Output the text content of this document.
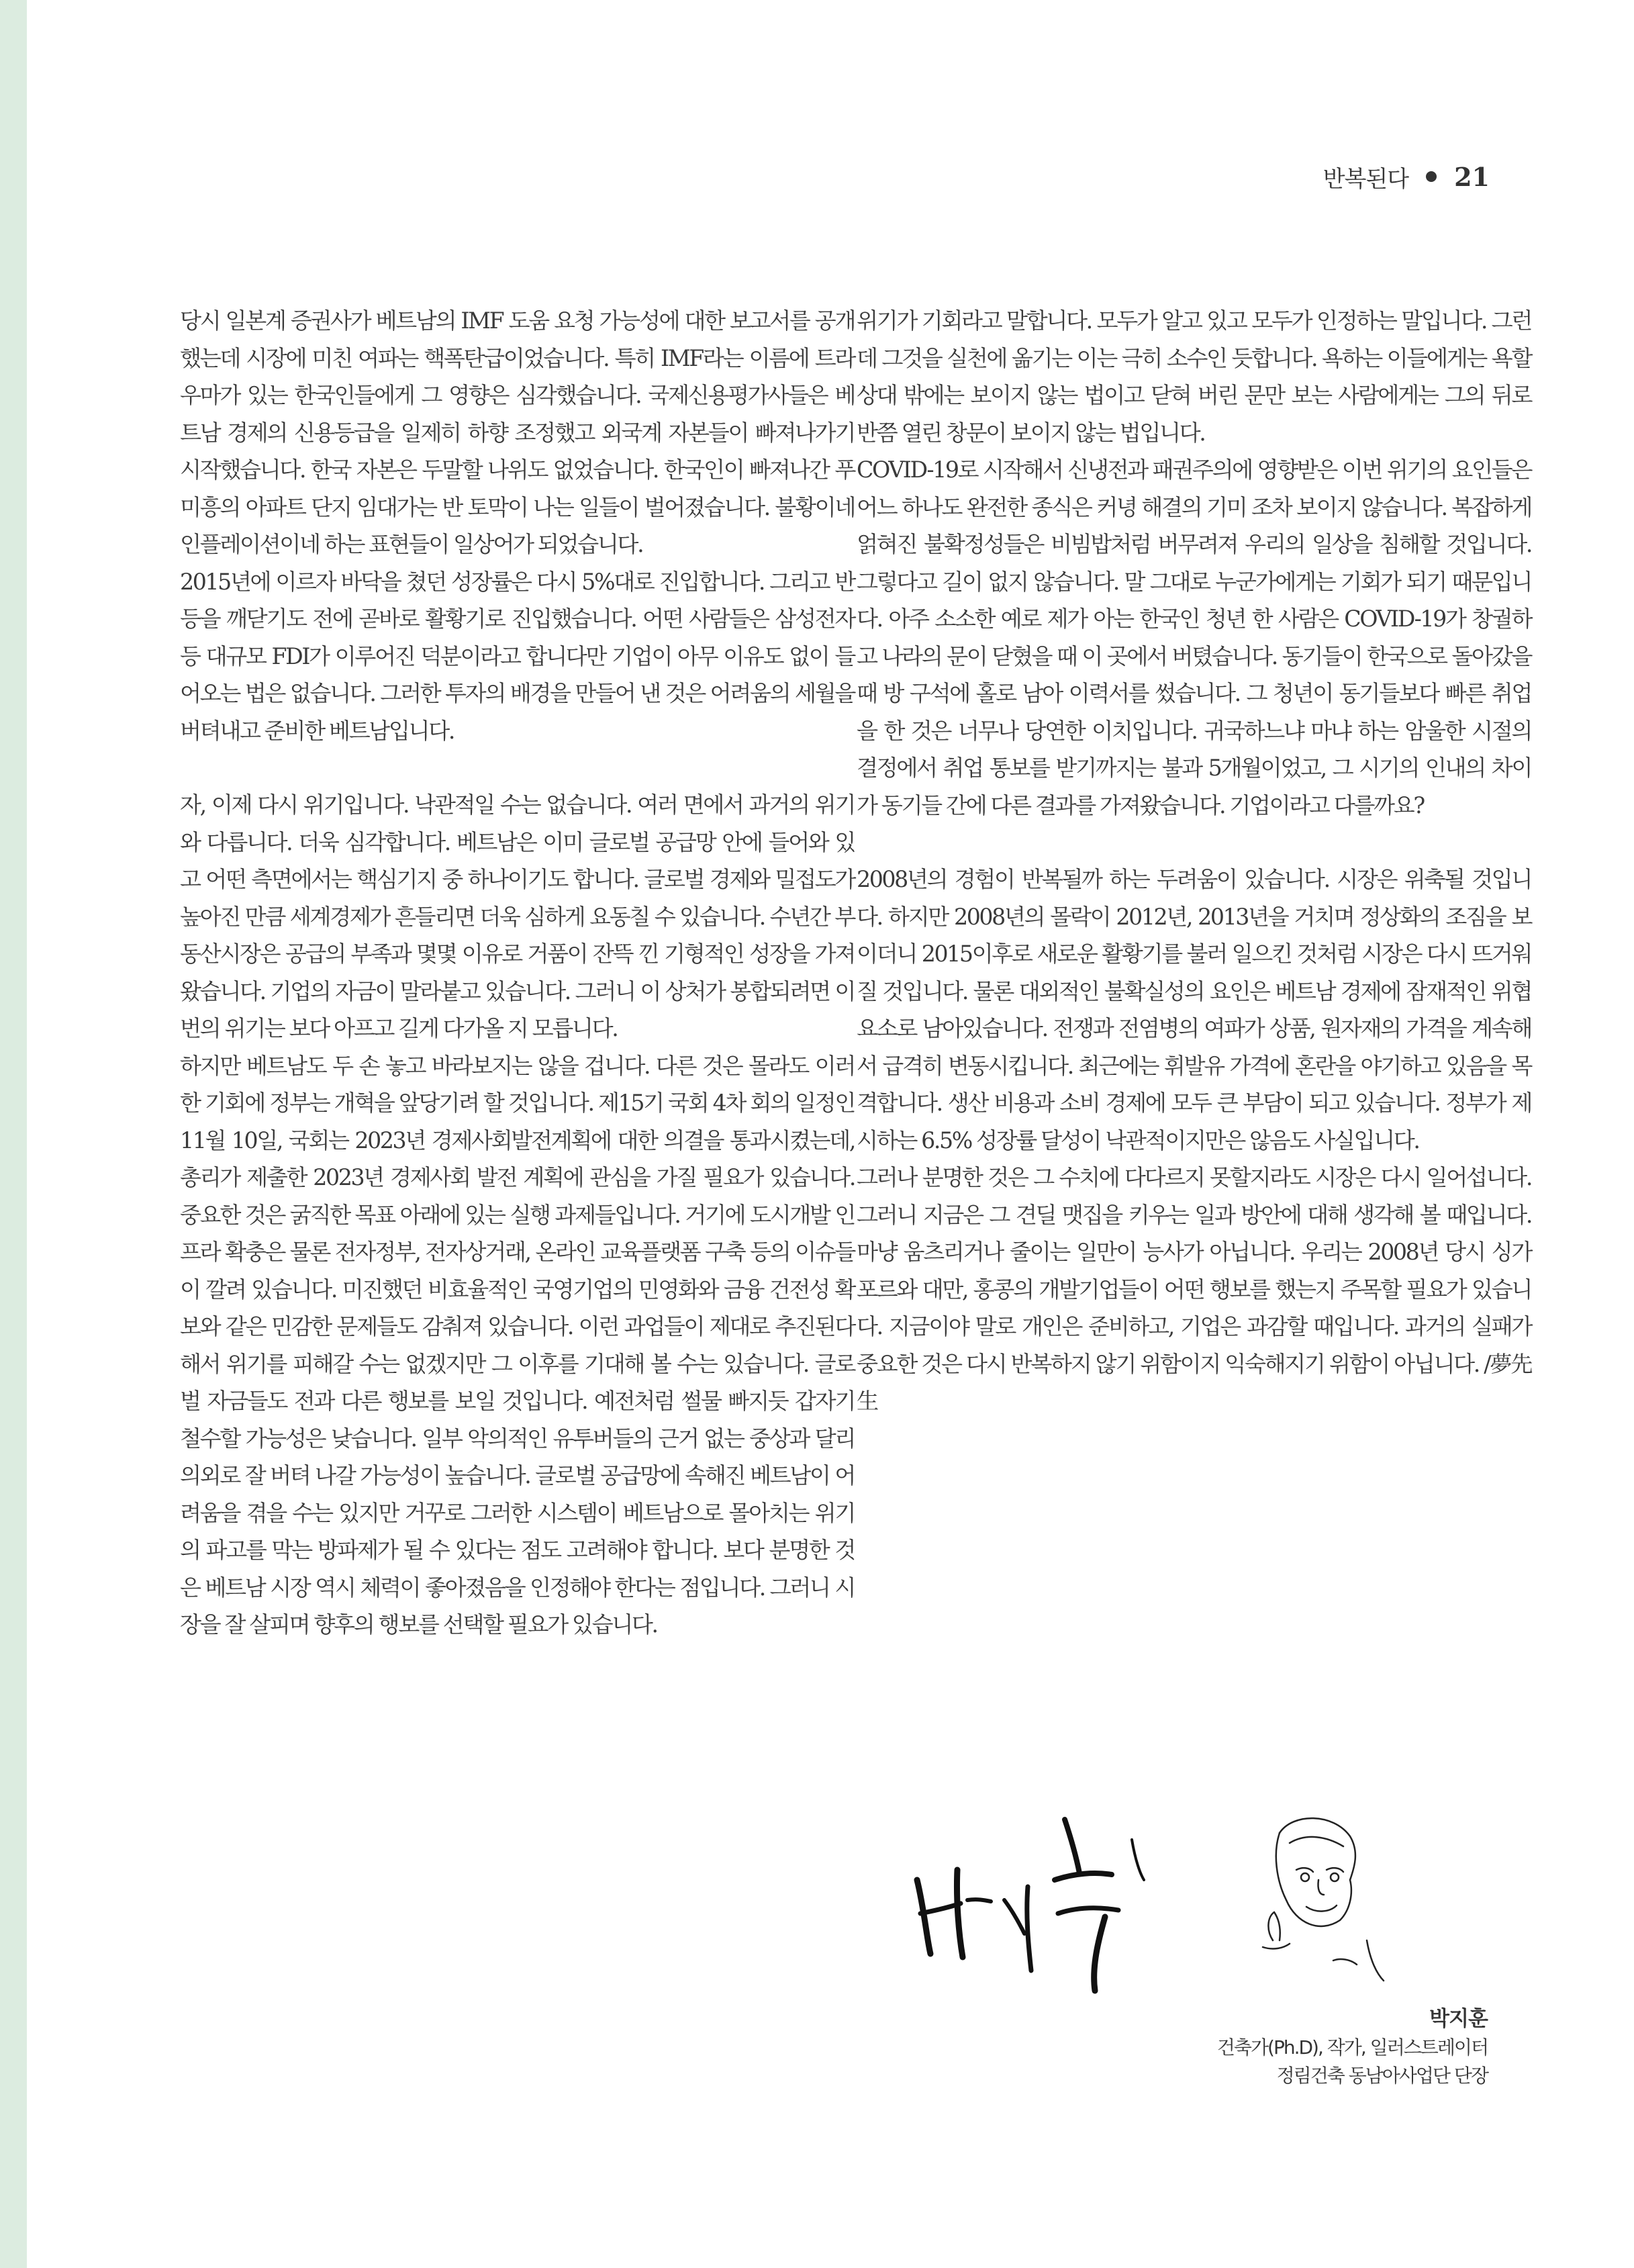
반복된다 21

당시 일본계 증권사가 베트남의 IMF 도움 요청 가능성에 대한 보고서를 공개했는데 시장에 미친 여파는 핵폭탄급이었습니다. 특히 IMF라는 이름에 트라우마가 있는 한국인들에게 그 영향은 심각했습니다. 국제신용평가사들은 베트남 경제의 신용등급을 일제히 하향 조정했고 외국계 자본들이 빠져나가기 시작했습니다. 한국 자본은 두말할 나위도 없었습니다. 한국인이 빠져나간 푸미흥의 아파트 단지 임대가는 반 토막이 나는 일들이 벌어졌습니다. 불황이네 인플레이션이네 하는 표현들이 일상어가 되었습니다.

2015년에 이르자 바닥을 쳤던 성장률은 다시 5%대로 진입합니다. 그리고 반등을 깨닫기도 전에 곧바로 활황기로 진입했습니다. 어떤 사람들은 삼성전자 등 대규모 FDI가 이루어진 덕분이라고 합니다만 기업이 아무 이유도 없이 들어오는 법은 없습니다. 그러한 투자의 배경을 만들어 낸 것은 어려움의 세월을 버텨내고 준비한 베트남입니다.

자, 이제 다시 위기입니다. 낙관적일 수는 없습니다. 여러 면에서 과거의 위기와 다릅니다. 더욱 심각합니다. 베트남은 이미 글로벌 공급망 안에 들어와 있고 어떤 측면에서는 핵심기지 중 하나이기도 합니다. 글로벌 경제와 밀접도가 높아진 만큼 세계경제가 흔들리면 더욱 심하게 요동칠 수 있습니다. 수년간 부동산시장은 공급의 부족과 몇몇 이유로 거품이 잔뜩 낀 기형적인 성장을 가져왔습니다. 기업의 자금이 말라붙고 있습니다. 그러니 이 상처가 봉합되려면 이번의 위기는 보다 아프고 길게 다가올 지 모릅니다.

하지만 베트남도 두 손 놓고 바라보지는 않을 겁니다. 다른 것은 몰라도 이러한 기회에 정부는 개혁을 앞당기려 할 것입니다. 제15기 국회 4차 회의 일정인 11월 10일, 국회는 2023년 경제사회발전계획에 대한 의결을 통과시켰는데, 총리가 제출한 2023년 경제사회 발전 계획에 관심을 가질 필요가 있습니다. 중요한 것은 굵직한 목표 아래에 있는 실행 과제들입니다. 거기에 도시개발 인프라 확충은 물론 전자정부, 전자상거래, 온라인 교육플랫폼 구축 등의 이슈들이 깔려 있습니다. 미진했던 비효율적인 국영기업의 민영화와 금융 건전성 확보와 같은 민감한 문제들도 감춰져 있습니다. 이런 과업들이 제대로 추진된다 해서 위기를 피해갈 수는 없겠지만 그 이후를 기대해 볼 수는 있습니다. 글로벌 자금들도 전과 다른 행보를 보일 것입니다. 예전처럼 썰물 빠지듯 갑자기 철수할 가능성은 낮습니다. 일부 악의적인 유투버들의 근거 없는 중상과 달리 의외로 잘 버텨 나갈 가능성이 높습니다. 글로벌 공급망에 속해진 베트남이 어려움을 겪을 수는 있지만 거꾸로 그러한 시스템이 베트남으로 몰아치는 위기의 파고를 막는 방파제가 될 수 있다는 점도 고려해야 합니다. 보다 분명한 것은 베트남 시장 역시 체력이 좋아졌음을 인정해야 한다는 점입니다. 그러니 시장을 잘 살피며 향후의 행보를 선택할 필요가 있습니다.

위기가 기회라고 말합니다. 모두가 알고 있고 모두가 인정하는 말입니다. 그런데 그것을 실천에 옮기는 이는 극히 소수인 듯합니다. 욕하는 이들에게는 욕할 상대 밖에는 보이지 않는 법이고 닫혀 버린 문만 보는 사람에게는 그의 뒤로 반쯤 열린 창문이 보이지 않는 법입니다.

COVID-19로 시작해서 신냉전과 패권주의에 영향받은 이번 위기의 요인들은 어느 하나도 완전한 종식은 커녕 해결의 기미 조차 보이지 않습니다. 복잡하게 얽혀진 불확정성들은 비빔밥처럼 버무려져 우리의 일상을 침해할 것입니다. 그렇다고 길이 없지 않습니다. 말 그대로 누군가에게는 기회가 되기 때문입니다. 아주 소소한 예로 제가 아는 한국인 청년 한 사람은 COVID-19가 창궐하고 나라의 문이 닫혔을 때 이 곳에서 버텼습니다. 동기들이 한국으로 돌아갔을 때 방 구석에 홀로 남아 이력서를 썼습니다. 그 청년이 동기들보다 빠른 취업을 한 것은 너무나 당연한 이치입니다. 귀국하느냐 마냐 하는 암울한 시절의 결정에서 취업 통보를 받기까지는 불과 5개월이었고, 그 시기의 인내의 차이가 동기들 간에 다른 결과를 가져왔습니다. 기업이라고 다를까요?

2008년의 경험이 반복될까 하는 두려움이 있습니다. 시장은 위축될 것입니다. 하지만 2008년의 몰락이 2012년, 2013년을 거치며 정상화의 조짐을 보이더니 2015이후로 새로운 활황기를 불러 일으킨 것처럼 시장은 다시 뜨거워질 것입니다. 물론 대외적인 불확실성의 요인은 베트남 경제에 잠재적인 위협요소로 남아있습니다. 전쟁과 전염병의 여파가 상품, 원자재의 가격을 계속해서 급격히 변동시킵니다. 최근에는 휘발유 가격에 혼란을 야기하고 있음을 목격합니다. 생산 비용과 소비 경제에 모두 큰 부담이 되고 있습니다. 정부가 제시하는 6.5% 성장률 달성이 낙관적이지만은 않음도 사실입니다.

그러나 분명한 것은 그 수치에 다다르지 못할지라도 시장은 다시 일어섭니다. 그러니 지금은 그 견딜 맷집을 키우는 일과 방안에 대해 생각해 볼 때입니다. 마냥 움츠리거나 줄이는 일만이 능사가 아닙니다. 우리는 2008년 당시 싱가포르와 대만, 홍콩의 개발기업들이 어떤 행보를 했는지 주목할 필요가 있습니다. 지금이야 말로 개인은 준비하고, 기업은 과감할 때입니다. 과거의 실패가 중요한 것은 다시 반복하지 않기 위함이지 익숙해지기 위함이 아닙니다. /夢先生

박지훈
건축가(Ph.D), 작가, 일러스트레이터
정림건축 동남아사업단 단장
